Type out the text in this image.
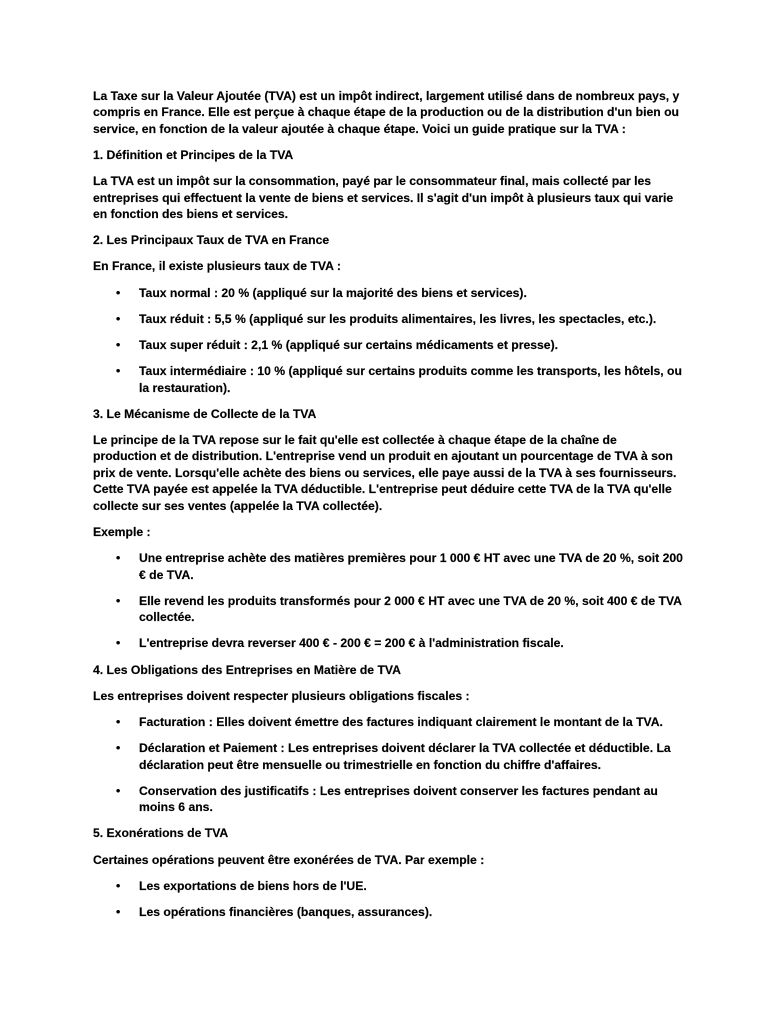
La Taxe sur la Valeur Ajoutée (TVA) est un impôt indirect, largement utilisé dans de nombreux pays, y compris en France. Elle est perçue à chaque étape de la production ou de la distribution d'un bien ou service, en fonction de la valeur ajoutée à chaque étape. Voici un guide pratique sur la TVA :

1. Définition et Principes de la TVA

La TVA est un impôt sur la consommation, payé par le consommateur final, mais collecté par les entreprises qui effectuent la vente de biens et services. Il s'agit d'un impôt à plusieurs taux qui varie en fonction des biens et services.

2. Les Principaux Taux de TVA en France

En France, il existe plusieurs taux de TVA :

• Taux normal : 20 % (appliqué sur la majorité des biens et services).
• Taux réduit : 5,5 % (appliqué sur les produits alimentaires, les livres, les spectacles, etc.).
• Taux super réduit : 2,1 % (appliqué sur certains médicaments et presse).
• Taux intermédiaire : 10 % (appliqué sur certains produits comme les transports, les hôtels, ou la restauration).

3. Le Mécanisme de Collecte de la TVA

Le principe de la TVA repose sur le fait qu'elle est collectée à chaque étape de la chaîne de production et de distribution. L'entreprise vend un produit en ajoutant un pourcentage de TVA à son prix de vente. Lorsqu'elle achète des biens ou services, elle paye aussi de la TVA à ses fournisseurs. Cette TVA payée est appelée la TVA déductible. L'entreprise peut déduire cette TVA de la TVA qu'elle collecte sur ses ventes (appelée la TVA collectée).

Exemple :

• Une entreprise achète des matières premières pour 1 000 € HT avec une TVA de 20 %, soit 200 € de TVA.
• Elle revend les produits transformés pour 2 000 € HT avec une TVA de 20 %, soit 400 € de TVA collectée.
• L'entreprise devra reverser 400 € - 200 € = 200 € à l'administration fiscale.

4. Les Obligations des Entreprises en Matière de TVA

Les entreprises doivent respecter plusieurs obligations fiscales :

• Facturation : Elles doivent émettre des factures indiquant clairement le montant de la TVA.
• Déclaration et Paiement : Les entreprises doivent déclarer la TVA collectée et déductible. La déclaration peut être mensuelle ou trimestrielle en fonction du chiffre d'affaires.
• Conservation des justificatifs : Les entreprises doivent conserver les factures pendant au moins 6 ans.

5. Exonérations de TVA

Certaines opérations peuvent être exonérées de TVA. Par exemple :

• Les exportations de biens hors de l'UE.
• Les opérations financières (banques, assurances).
